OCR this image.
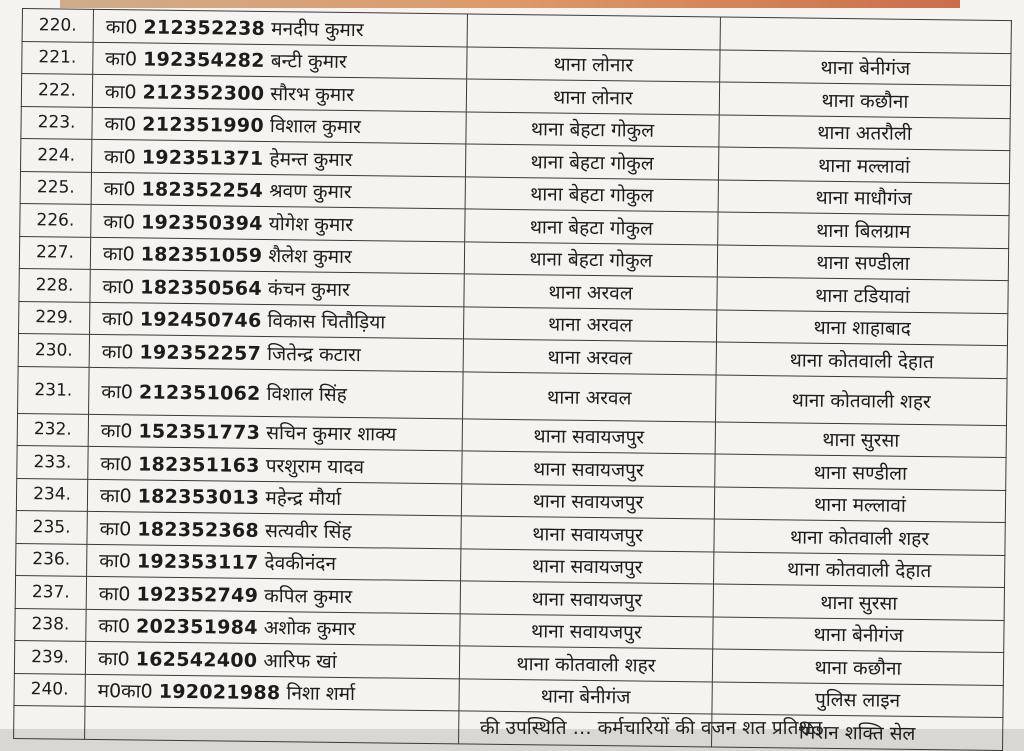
220.	का0 212352238 मनदीप कुमार		
221.	का0 192354282 बन्टी कुमार	थाना लोनार	थाना बेनीगंज
222.	का0 212352300 सौरभ कुमार	थाना लोनार	थाना कछौना
223.	का0 212351990 विशाल कुमार	थाना बेहटा गोकुल	थाना अतरौली
224.	का0 192351371 हेमन्त कुमार	थाना बेहटा गोकुल	थाना मल्लावां
225.	का0 182352254 श्रवण कुमार	थाना बेहटा गोकुल	थाना माधौगंज
226.	का0 192350394 योगेश कुमार	थाना बेहटा गोकुल	थाना बिलग्राम
227.	का0 182351059 शैलेश कुमार	थाना बेहटा गोकुल	थाना सण्डीला
228.	का0 182350564 कंचन कुमार	थाना अरवल	थाना टडियावां
229.	का0 192450746 विकास चितौड़िया	थाना अरवल	थाना शाहाबाद
230.	का0 192352257 जितेन्द्र कटारा	थाना अरवल	थाना कोतवाली देहात
231.	का0 212351062 विशाल सिंह	थाना अरवल	थाना कोतवाली शहर
232.	का0 152351773 सचिन कुमार शाक्य	थाना सवायजपुर	थाना सुरसा
233.	का0 182351163 परशुराम यादव	थाना सवायजपुर	थाना सण्डीला
234.	का0 182353013 महेन्द्र मौर्या	थाना सवायजपुर	थाना मल्लावां
235.	का0 182352368 सत्यवीर सिंह	थाना सवायजपुर	थाना कोतवाली शहर
236.	का0 192353117 देवकीनंदन	थाना सवायजपुर	थाना कोतवाली देहात
237.	का0 192352749 कपिल कुमार	थाना सवायजपुर	थाना सुरसा
238.	का0 202351984 अशोक कुमार	थाना सवायजपुर	थाना बेनीगंज
239.	का0 162542400 आरिफ खां	थाना कोतवाली शहर	थाना कछौना
240.	म0का0 192021988 निशा शर्मा	थाना बेनीगंज	पुलिस लाइन
			मिशन शक्ति सेल
की उपस्थिति … कर्मचारियों की वजन शत प्रतिशत
